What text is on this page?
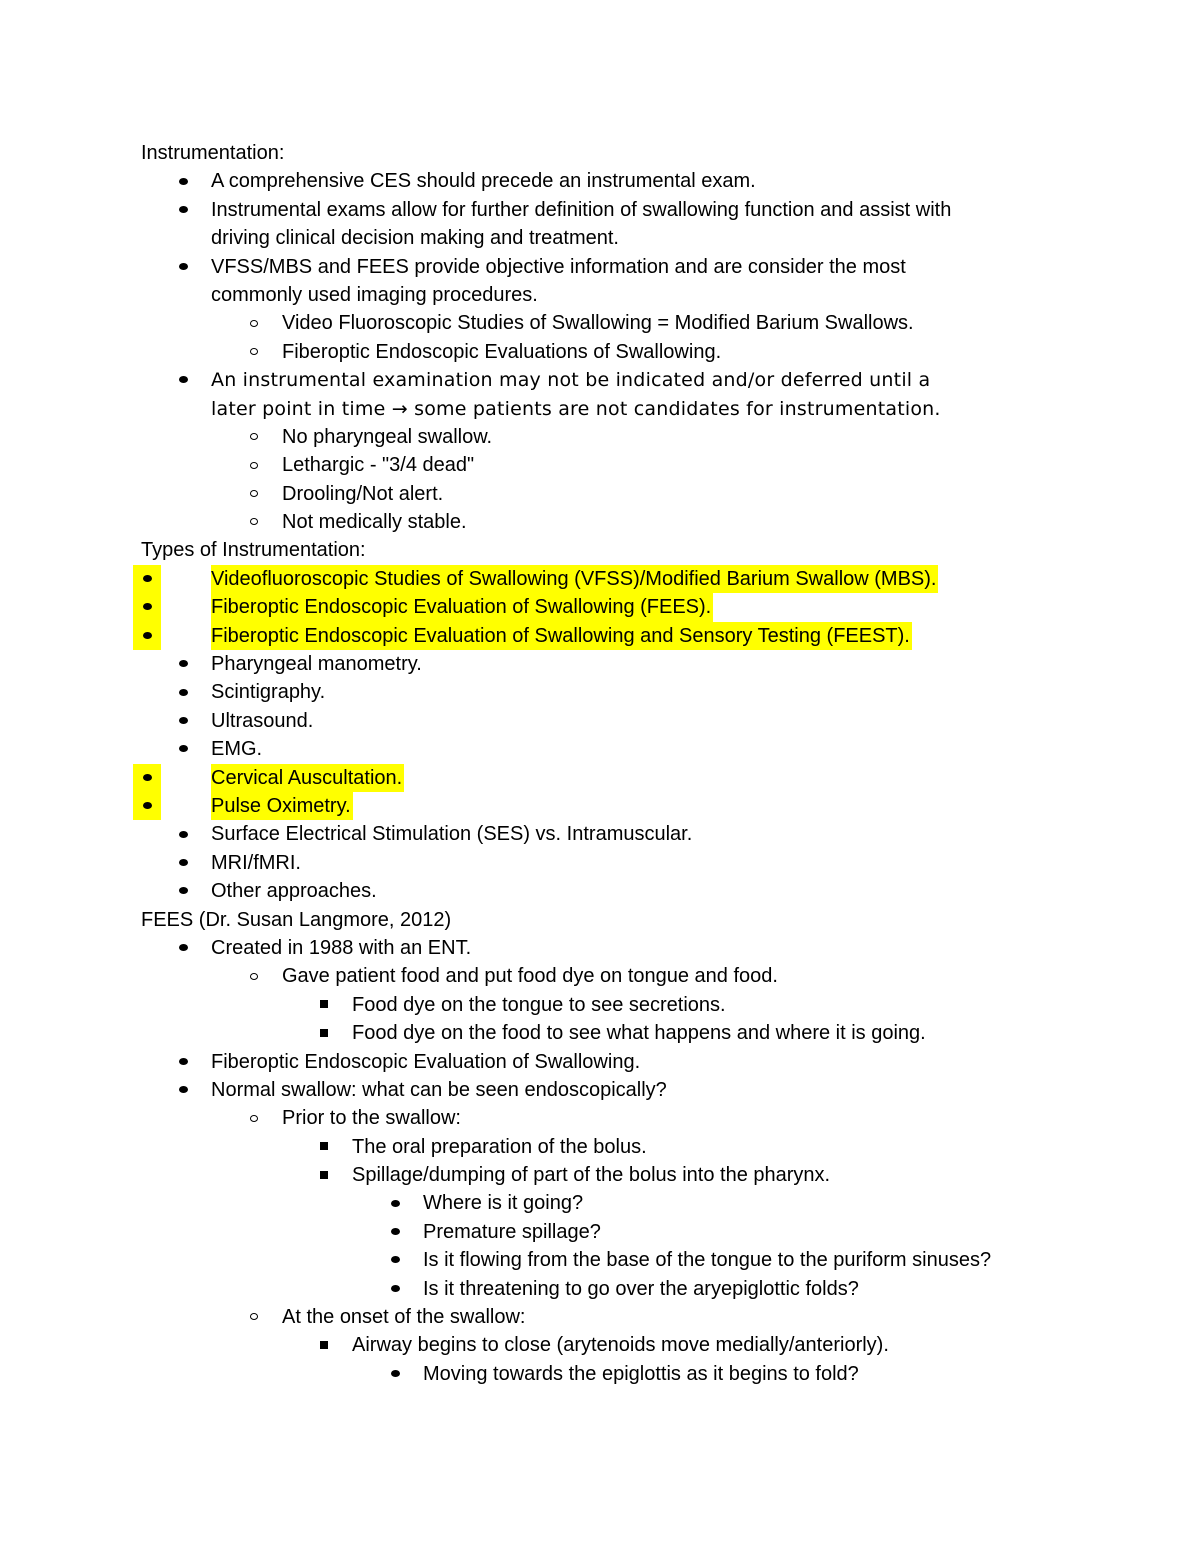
Instrumentation:
A comprehensive CES should precede an instrumental exam.
Instrumental exams allow for further definition of swallowing function and assist with
driving clinical decision making and treatment.
VFSS/MBS and FEES provide objective information and are consider the most
commonly used imaging procedures.
Video Fluoroscopic Studies of Swallowing = Modified Barium Swallows.
Fiberoptic Endoscopic Evaluations of Swallowing.
An instrumental examination may not be indicated and/or deferred until a
later point in time → some patients are not candidates for instrumentation.
No pharyngeal swallow.
Lethargic - "3/4 dead"
Drooling/Not alert.
Not medically stable.
Types of Instrumentation:
Videofluoroscopic Studies of Swallowing (VFSS)/Modified Barium Swallow (MBS).
Fiberoptic Endoscopic Evaluation of Swallowing (FEES).
Fiberoptic Endoscopic Evaluation of Swallowing and Sensory Testing (FEEST).
Pharyngeal manometry.
Scintigraphy.
Ultrasound.
EMG.
Cervical Auscultation.
Pulse Oximetry.
Surface Electrical Stimulation (SES) vs. Intramuscular.
MRI/fMRI.
Other approaches.
FEES (Dr. Susan Langmore, 2012)
Created in 1988 with an ENT.
Gave patient food and put food dye on tongue and food.
Food dye on the tongue to see secretions.
Food dye on the food to see what happens and where it is going.
Fiberoptic Endoscopic Evaluation of Swallowing.
Normal swallow: what can be seen endoscopically?
Prior to the swallow:
The oral preparation of the bolus.
Spillage/dumping of part of the bolus into the pharynx.
Where is it going?
Premature spillage?
Is it flowing from the base of the tongue to the puriform sinuses?
Is it threatening to go over the aryepiglottic folds?
At the onset of the swallow:
Airway begins to close (arytenoids move medially/anteriorly).
Moving towards the epiglottis as it begins to fold?
